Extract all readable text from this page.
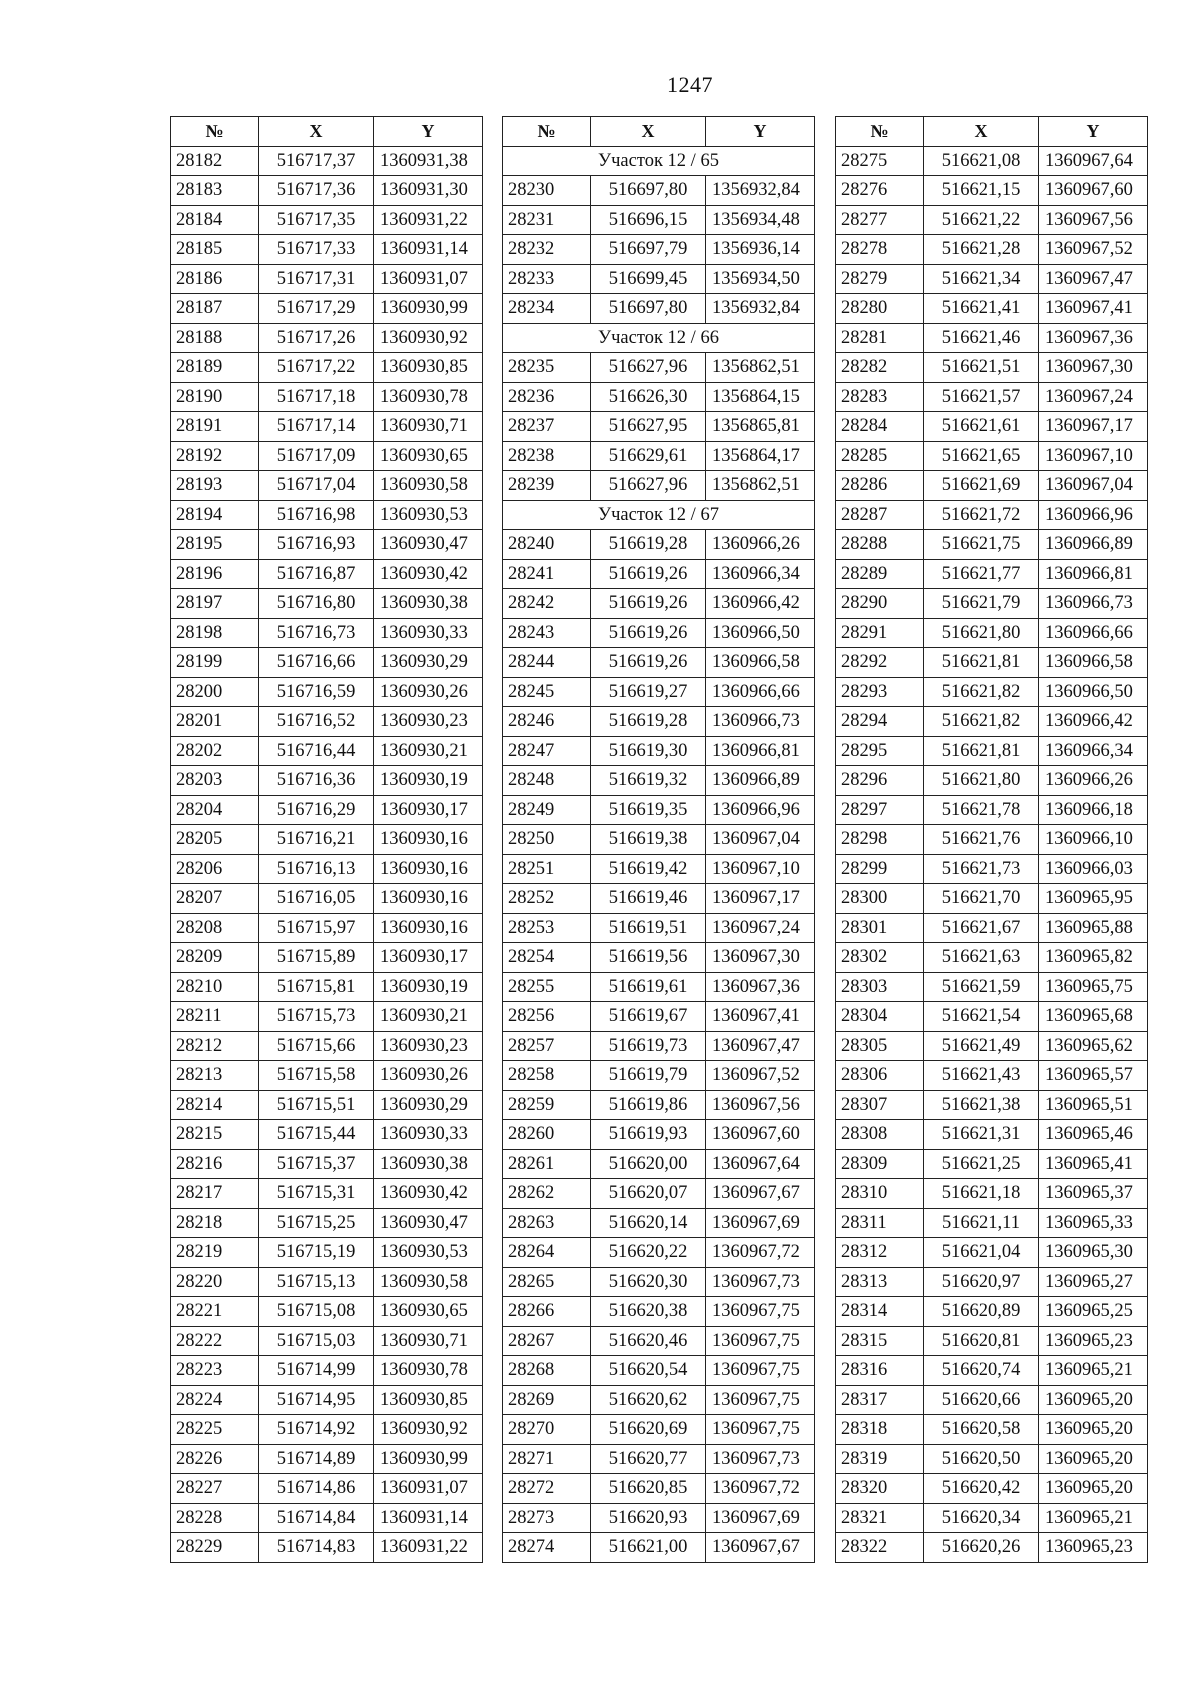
1247
№	X	Y
28182	516717,37	1360931,38
28183	516717,36	1360931,30
28184	516717,35	1360931,22
28185	516717,33	1360931,14
28186	516717,31	1360931,07
28187	516717,29	1360930,99
28188	516717,26	1360930,92
28189	516717,22	1360930,85
28190	516717,18	1360930,78
28191	516717,14	1360930,71
28192	516717,09	1360930,65
28193	516717,04	1360930,58
28194	516716,98	1360930,53
28195	516716,93	1360930,47
28196	516716,87	1360930,42
28197	516716,80	1360930,38
28198	516716,73	1360930,33
28199	516716,66	1360930,29
28200	516716,59	1360930,26
28201	516716,52	1360930,23
28202	516716,44	1360930,21
28203	516716,36	1360930,19
28204	516716,29	1360930,17
28205	516716,21	1360930,16
28206	516716,13	1360930,16
28207	516716,05	1360930,16
28208	516715,97	1360930,16
28209	516715,89	1360930,17
28210	516715,81	1360930,19
28211	516715,73	1360930,21
28212	516715,66	1360930,23
28213	516715,58	1360930,26
28214	516715,51	1360930,29
28215	516715,44	1360930,33
28216	516715,37	1360930,38
28217	516715,31	1360930,42
28218	516715,25	1360930,47
28219	516715,19	1360930,53
28220	516715,13	1360930,58
28221	516715,08	1360930,65
28222	516715,03	1360930,71
28223	516714,99	1360930,78
28224	516714,95	1360930,85
28225	516714,92	1360930,92
28226	516714,89	1360930,99
28227	516714,86	1360931,07
28228	516714,84	1360931,14
28229	516714,83	1360931,22
№	X	Y
Участок 12 / 65		
28230	516697,80	1356932,84
28231	516696,15	1356934,48
28232	516697,79	1356936,14
28233	516699,45	1356934,50
28234	516697,80	1356932,84
Участок 12 / 66		
28235	516627,96	1356862,51
28236	516626,30	1356864,15
28237	516627,95	1356865,81
28238	516629,61	1356864,17
28239	516627,96	1356862,51
Участок 12 / 67		
28240	516619,28	1360966,26
28241	516619,26	1360966,34
28242	516619,26	1360966,42
28243	516619,26	1360966,50
28244	516619,26	1360966,58
28245	516619,27	1360966,66
28246	516619,28	1360966,73
28247	516619,30	1360966,81
28248	516619,32	1360966,89
28249	516619,35	1360966,96
28250	516619,38	1360967,04
28251	516619,42	1360967,10
28252	516619,46	1360967,17
28253	516619,51	1360967,24
28254	516619,56	1360967,30
28255	516619,61	1360967,36
28256	516619,67	1360967,41
28257	516619,73	1360967,47
28258	516619,79	1360967,52
28259	516619,86	1360967,56
28260	516619,93	1360967,60
28261	516620,00	1360967,64
28262	516620,07	1360967,67
28263	516620,14	1360967,69
28264	516620,22	1360967,72
28265	516620,30	1360967,73
28266	516620,38	1360967,75
28267	516620,46	1360967,75
28268	516620,54	1360967,75
28269	516620,62	1360967,75
28270	516620,69	1360967,75
28271	516620,77	1360967,73
28272	516620,85	1360967,72
28273	516620,93	1360967,69
28274	516621,00	1360967,67
№	X	Y
28275	516621,08	1360967,64
28276	516621,15	1360967,60
28277	516621,22	1360967,56
28278	516621,28	1360967,52
28279	516621,34	1360967,47
28280	516621,41	1360967,41
28281	516621,46	1360967,36
28282	516621,51	1360967,30
28283	516621,57	1360967,24
28284	516621,61	1360967,17
28285	516621,65	1360967,10
28286	516621,69	1360967,04
28287	516621,72	1360966,96
28288	516621,75	1360966,89
28289	516621,77	1360966,81
28290	516621,79	1360966,73
28291	516621,80	1360966,66
28292	516621,81	1360966,58
28293	516621,82	1360966,50
28294	516621,82	1360966,42
28295	516621,81	1360966,34
28296	516621,80	1360966,26
28297	516621,78	1360966,18
28298	516621,76	1360966,10
28299	516621,73	1360966,03
28300	516621,70	1360965,95
28301	516621,67	1360965,88
28302	516621,63	1360965,82
28303	516621,59	1360965,75
28304	516621,54	1360965,68
28305	516621,49	1360965,62
28306	516621,43	1360965,57
28307	516621,38	1360965,51
28308	516621,31	1360965,46
28309	516621,25	1360965,41
28310	516621,18	1360965,37
28311	516621,11	1360965,33
28312	516621,04	1360965,30
28313	516620,97	1360965,27
28314	516620,89	1360965,25
28315	516620,81	1360965,23
28316	516620,74	1360965,21
28317	516620,66	1360965,20
28318	516620,58	1360965,20
28319	516620,50	1360965,20
28320	516620,42	1360965,20
28321	516620,34	1360965,21
28322	516620,26	1360965,23
